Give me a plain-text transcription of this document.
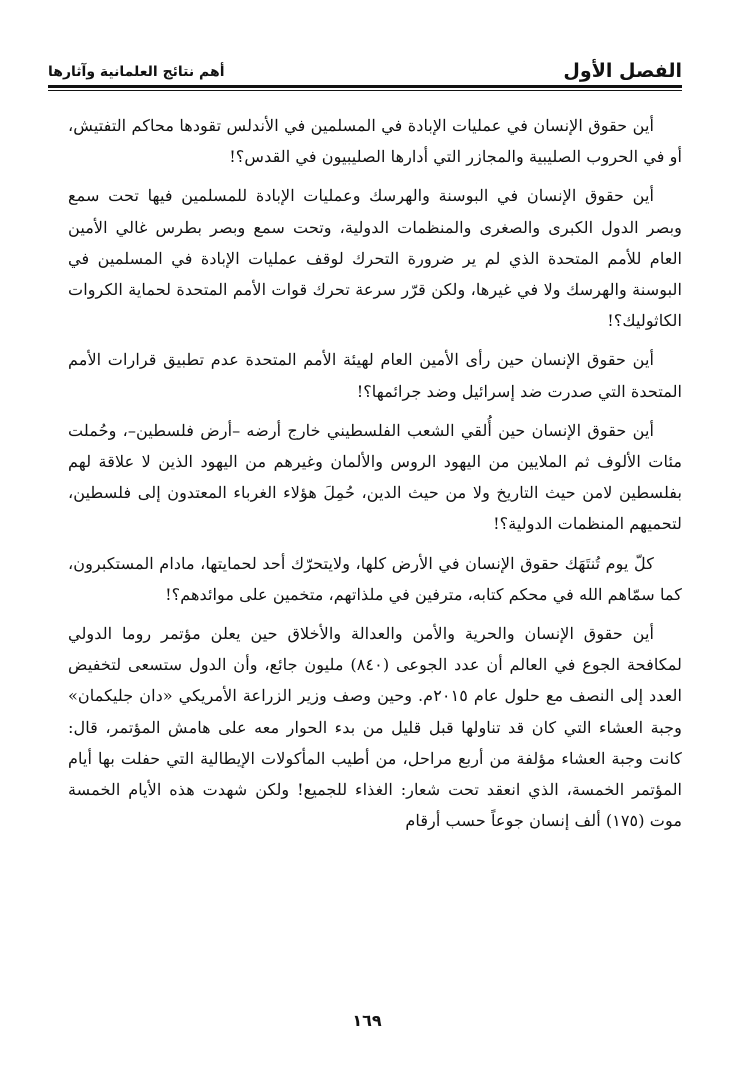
الفصل الأول
أهم نتائج العلمانية وآثارها

أين حقوق الإنسان في عمليات الإبادة في المسلمين في الأندلس تقودها محاكم التفتيش، أو في الحروب الصليبية والمجازر التي أدارها الصليبيون في القدس؟!

أين حقوق الإنسان في البوسنة والهرسك وعمليات الإبادة للمسلمين فيها تحت سمع وبصر الدول الكبرى والصغرى والمنظمات الدولية، وتحت سمع وبصر بطرس غالي الأمين العام للأمم المتحدة الذي لم ير ضرورة التحرك لوقف عمليات الإبادة في المسلمين في البوسنة والهرسك ولا في غيرها، ولكن قرّر سرعة تحرك قوات الأمم المتحدة لحماية الكروات الكاثوليك؟!

أين حقوق الإنسان حين رأى الأمين العام لهيئة الأمم المتحدة عدم تطبيق قرارات الأمم المتحدة التي صدرت ضد إسرائيل وضد جرائمها؟!

أين حقوق الإنسان حين أُلقي الشعب الفلسطيني خارج أرضه –أرض فلسطين–، وحُملت مئات الألوف ثم الملايين من اليهود الروس والألمان وغيرهم من اليهود الذين لا علاقة لهم بفلسطين لامن حيث التاريخ ولا من حيث الدين، حُمِلَ هؤلاء الغرباء المعتدون إلى فلسطين، لتحميهم المنظمات الدولية؟!

كلّ يوم تُنتَهَك حقوق الإنسان في الأرض كلها، ولايتحرّك أحد لحمايتها، مادام المستكبرون، كما سمّاهم الله في محكم كتابه، مترفين في ملذاتهم، متخمين على موائدهم؟!

أين حقوق الإنسان والحرية والأمن والعدالة والأخلاق حين يعلن مؤتمر روما الدولي لمكافحة الجوع في العالم أن عدد الجوعى (٨٤٠) مليون جائع، وأن الدول ستسعى لتخفيض العدد إلى النصف مع حلول عام ٢٠١٥م. وحين وصف وزير الزراعة الأمريكي «دان جليكمان» وجبة العشاء التي كان قد تناولها قبل قليل من بدء الحوار معه على هامش المؤتمر، قال: كانت وجبة العشاء مؤلفة من أربع مراحل، من أطيب المأكولات الإيطالية التي حفلت بها أيام المؤتمر الخمسة، الذي انعقد تحت شعار: الغذاء للجميع! ولكن شهدت هذه الأيام الخمسة موت (١٧٥) ألف إنسان جوعاً حسب أرقام

١٦٩
